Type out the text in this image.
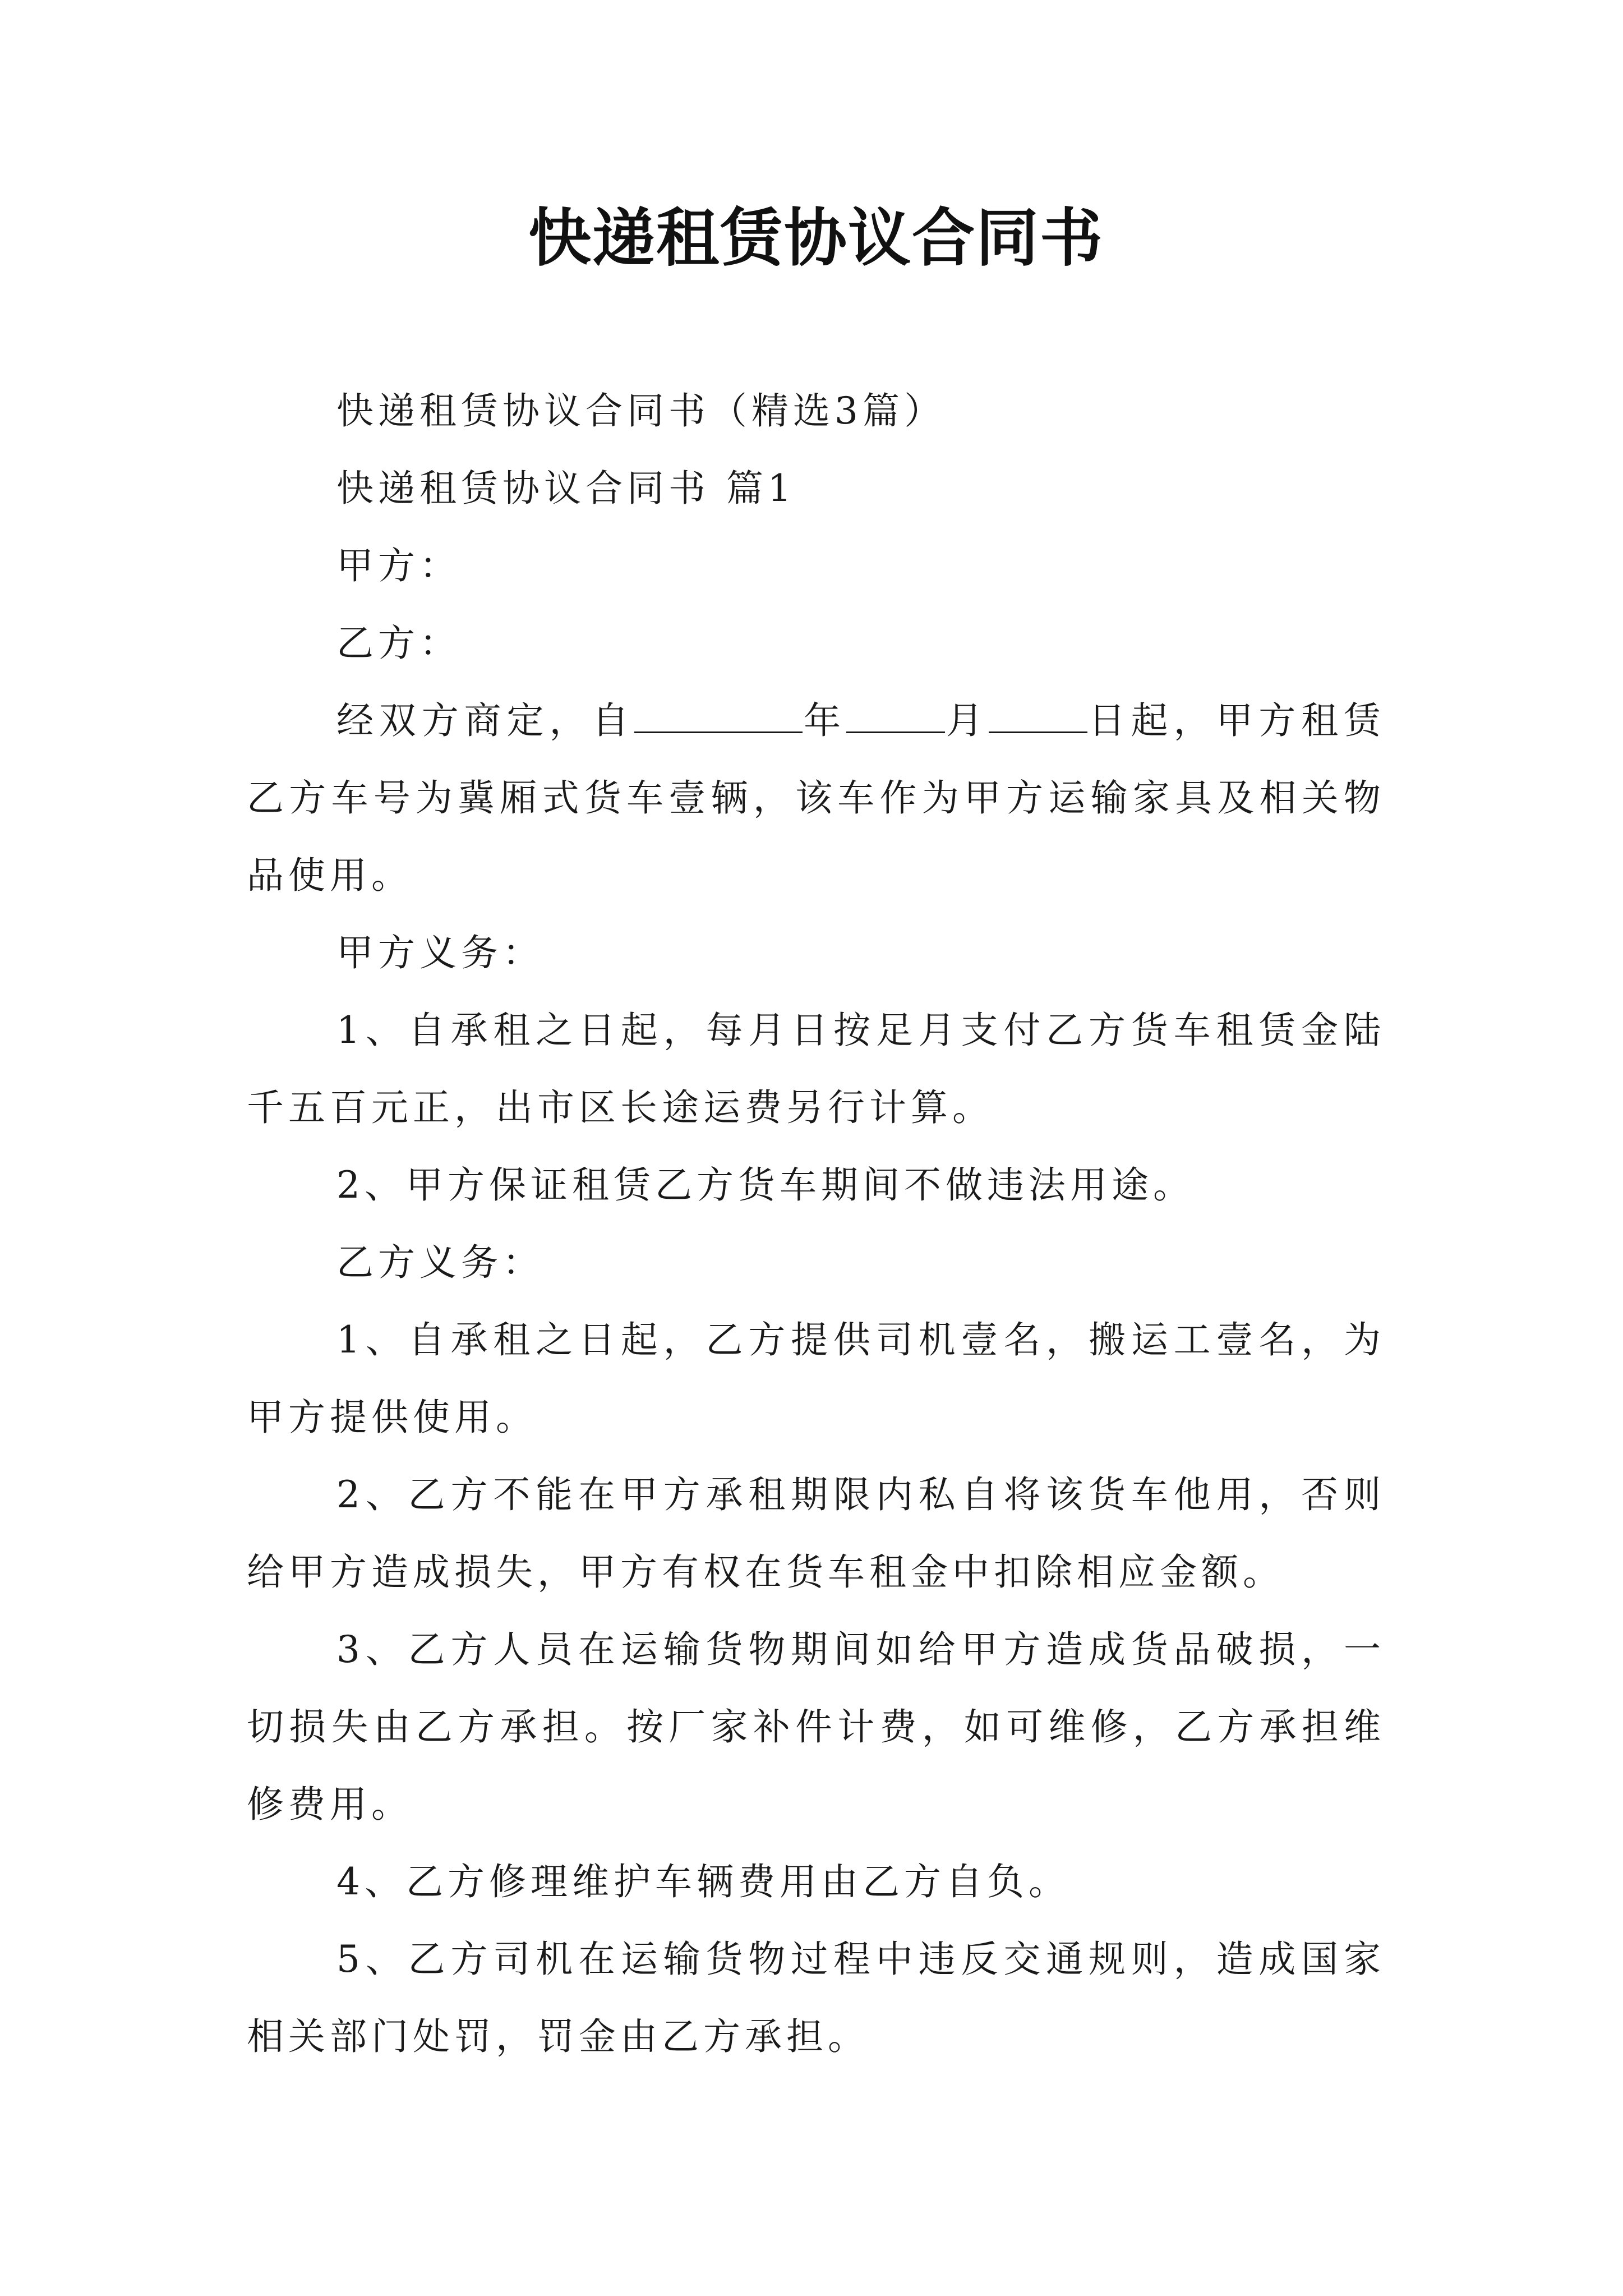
快递租赁协议合同书

快递租赁协议合同书（精选3篇）

快递租赁协议合同书 篇1

甲方：

乙方：

经双方商定，自	年	月	日起，甲方租赁乙方车号为冀厢式货车壹辆，该车作为甲方运输家具及相关物品使用。

甲方义务：

1、自承租之日起，每月日按足月支付乙方货车租赁金陆千五百元正，出市区长途运费另行计算。

2、甲方保证租赁乙方货车期间不做违法用途。

乙方义务：

1、自承租之日起，乙方提供司机壹名，搬运工壹名，为甲方提供使用。

2、乙方不能在甲方承租期限内私自将该货车他用，否则给甲方造成损失，甲方有权在货车租金中扣除相应金额。

3、乙方人员在运输货物期间如给甲方造成货品破损，一切损失由乙方承担。按厂家补件计费，如可维修，乙方承担维修费用。

4、乙方修理维护车辆费用由乙方自负。

5、乙方司机在运输货物过程中违反交通规则，造成国家相关部门处罚，罚金由乙方承担。
